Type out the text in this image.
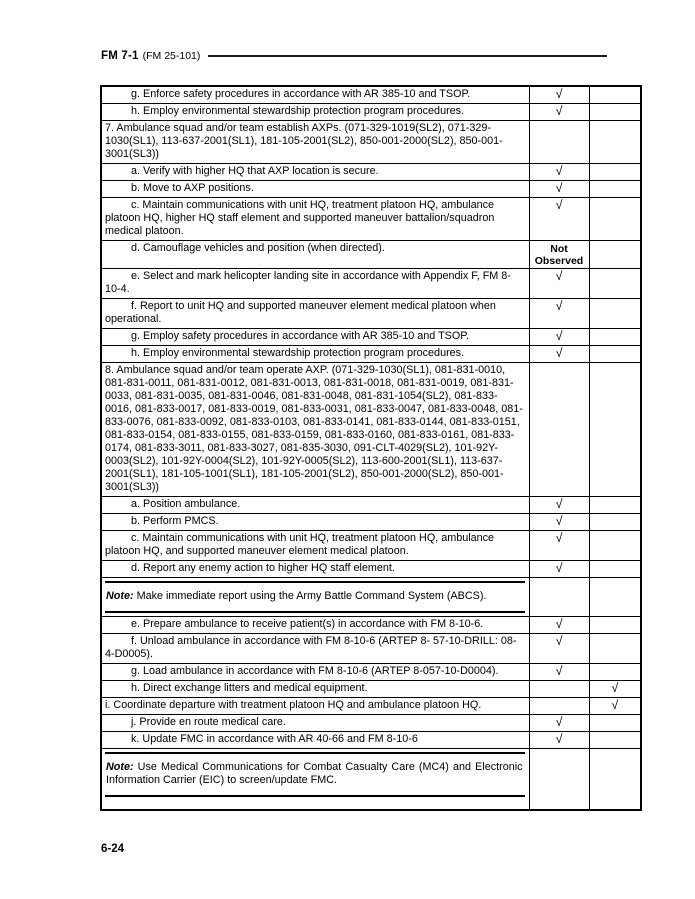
FM 7-1 (FM 25-101)
g. Enforce safety procedures in accordance with AR 385-10 and TSOP.	√	

h. Employ environmental stewardship protection program procedures.	√	

7. Ambulance squad and/or team establish AXPs. (071-329-1019(SL2), 071-329-1030(SL1), 113-637-2001(SL1), 181-105-2001(SL2), 850-001-2000(SL2), 850-001-3001(SL3))		

a. Verify with higher HQ that AXP location is secure.	√	

b. Move to AXP positions.	√	

c. Maintain communications with unit HQ, treatment platoon HQ, ambulance platoon HQ, higher HQ staff element and supported maneuver battalion/squadron medical platoon.	√	

d. Camouflage vehicles and position (when directed).	Not Observed	

e. Select and mark helicopter landing site in accordance with Appendix F, FM 8-10-4.	√	

f. Report to unit HQ and supported maneuver element medical platoon when operational.	√	

g. Employ safety procedures in accordance with AR 385-10 and TSOP.	√	

h. Employ environmental stewardship protection program procedures.	√	

8. Ambulance squad and/or team operate AXP. (071-329-1030(SL1), 081-831-0010, 081-831-0011, 081-831-0012, 081-831-0013, 081-831-0018, 081-831-0019, 081-831-0033, 081-831-0035, 081-831-0046, 081-831-0048, 081-831-1054(SL2), 081-833-0016, 081-833-0017, 081-833-0019, 081-833-0031, 081-833-0047, 081-833-0048, 081-833-0076, 081-833-0092, 081-833-0103, 081-833-0141, 081-833-0144, 081-833-0151, 081-833-0154, 081-833-0155, 081-833-0159, 081-833-0160, 081-833-0161, 081-833-0174, 081-833-3011, 081-833-3027, 081-835-3030, 091-CLT-4029(SL2), 101-92Y-0003(SL2), 101-92Y-0004(SL2), 101-92Y-0005(SL2), 113-600-2001(SL1), 113-637-2001(SL1), 181-105-1001(SL1), 181-105-2001(SL2), 850-001-2000(SL2), 850-001-3001(SL3))		

a. Position ambulance.	√	

b. Perform PMCS.	√	

c. Maintain communications with unit HQ, treatment platoon HQ, ambulance platoon HQ, and supported maneuver element medical platoon.	√	

d. Report any enemy action to higher HQ staff element.	√	

Note: Make immediate report using the Army Battle Command System (ABCS).		

e. Prepare ambulance to receive patient(s) in accordance with FM 8-10-6.	√	

f. Unload ambulance in accordance with FM 8-10-6 (ARTEP 8- 57-10-DRILL: 08-4-D0005).	√	

g. Load ambulance in accordance with FM 8-10-6 (ARTEP 8-057-10-D0004).	√	

h. Direct exchange litters and medical equipment.		√

i. Coordinate departure with treatment platoon HQ and ambulance platoon HQ.		√

j. Provide en route medical care.	√	

k. Update FMC in accordance with AR 40-66 and FM 8-10-6	√	

Note: Use Medical Communications for Combat Casualty Care (MC4) and Electronic Information Carrier (EIC) to screen/update FMC.		

6-24
